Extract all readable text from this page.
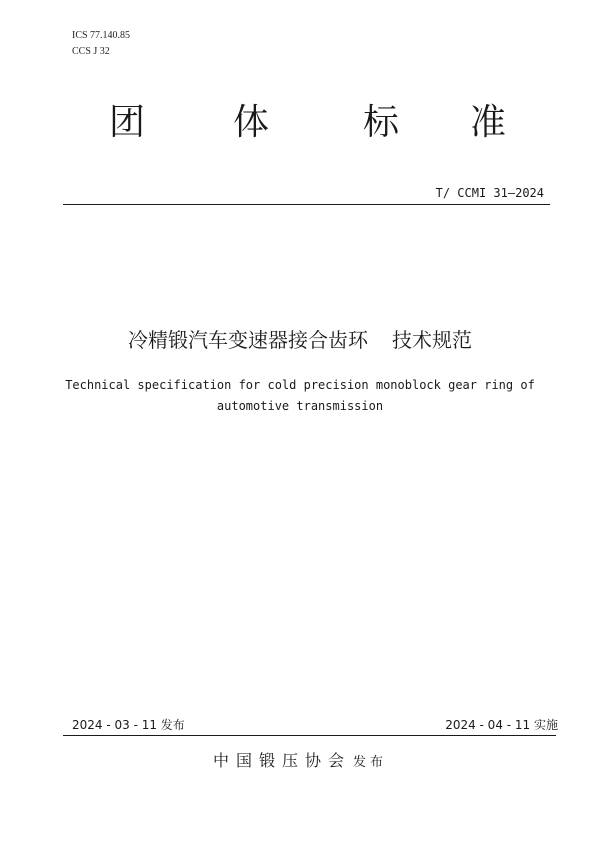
ICS 77.140.85
CCS J 32
团 体	标 准
T/ CCMI 31—2024
冷精锻汽车变速器接合齿环 技术规范
Technical specification for cold precision monoblock gear ring of
automotive transmission
2024 - 03 - 11 发布	2024 - 04 - 11 实施
中国锻压协会 发布
